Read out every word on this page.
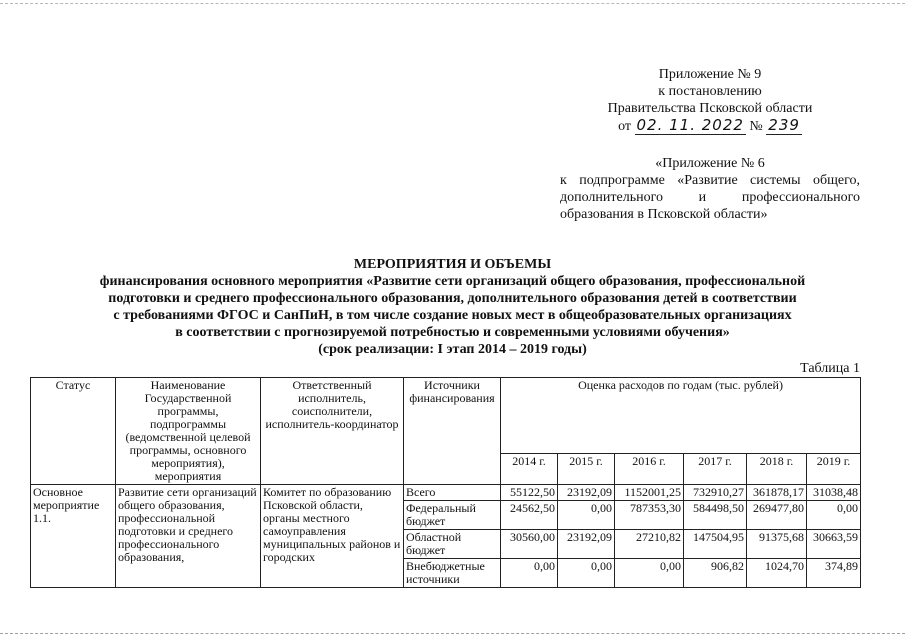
Приложение № 9
к постановлению
Правительства Псковской области
от 02. 11. 2022 № 239
«Приложение № 6
к подпрограмме «Развитие системы общего,
дополнительного и профессионального
образования в Псковской области»
МЕРОПРИЯТИЯ И ОБЪЕМЫ
финансирования основного мероприятия «Развитие сети организаций общего образования, профессиональной
подготовки и среднего профессионального образования, дополнительного образования детей в соответствии
с требованиями ФГОС и СанПиН, в том числе создание новых мест в общеобразовательных организациях
в соответствии с прогнозируемой потребностью и современными условиями обучения»
(срок реализации: I этап 2014 – 2019 годы)
Таблица 1
Статус	Наименование Государственной программы, подпрограммы (ведомственной целевой программы, основного мероприятия), мероприятия	Ответственный исполнитель, соисполнители, исполнитель-координатор	Источники финансирования	Оценка расходов по годам (тыс. рублей)					
				2014 г.	2015 г.	2016 г.	2017 г.	2018 г.	2019 г.
Основное мероприятие 1.1.	Развитие сети организаций общего образования, профессиональной подготовки и среднего профессионального образования,	Комитет по образованию Псковской области, органы местного самоуправления муниципальных районов и городских	Всего	55122,50	23192,09	1152001,25	732910,27	361878,17	31038,48
			Федеральный бюджет	24562,50	0,00	787353,30	584498,50	269477,80	0,00
			Областной бюджет	30560,00	23192,09	27210,82	147504,95	91375,68	30663,59
			Внебюджетные источники	0,00	0,00	0,00	906,82	1024,70	374,89
